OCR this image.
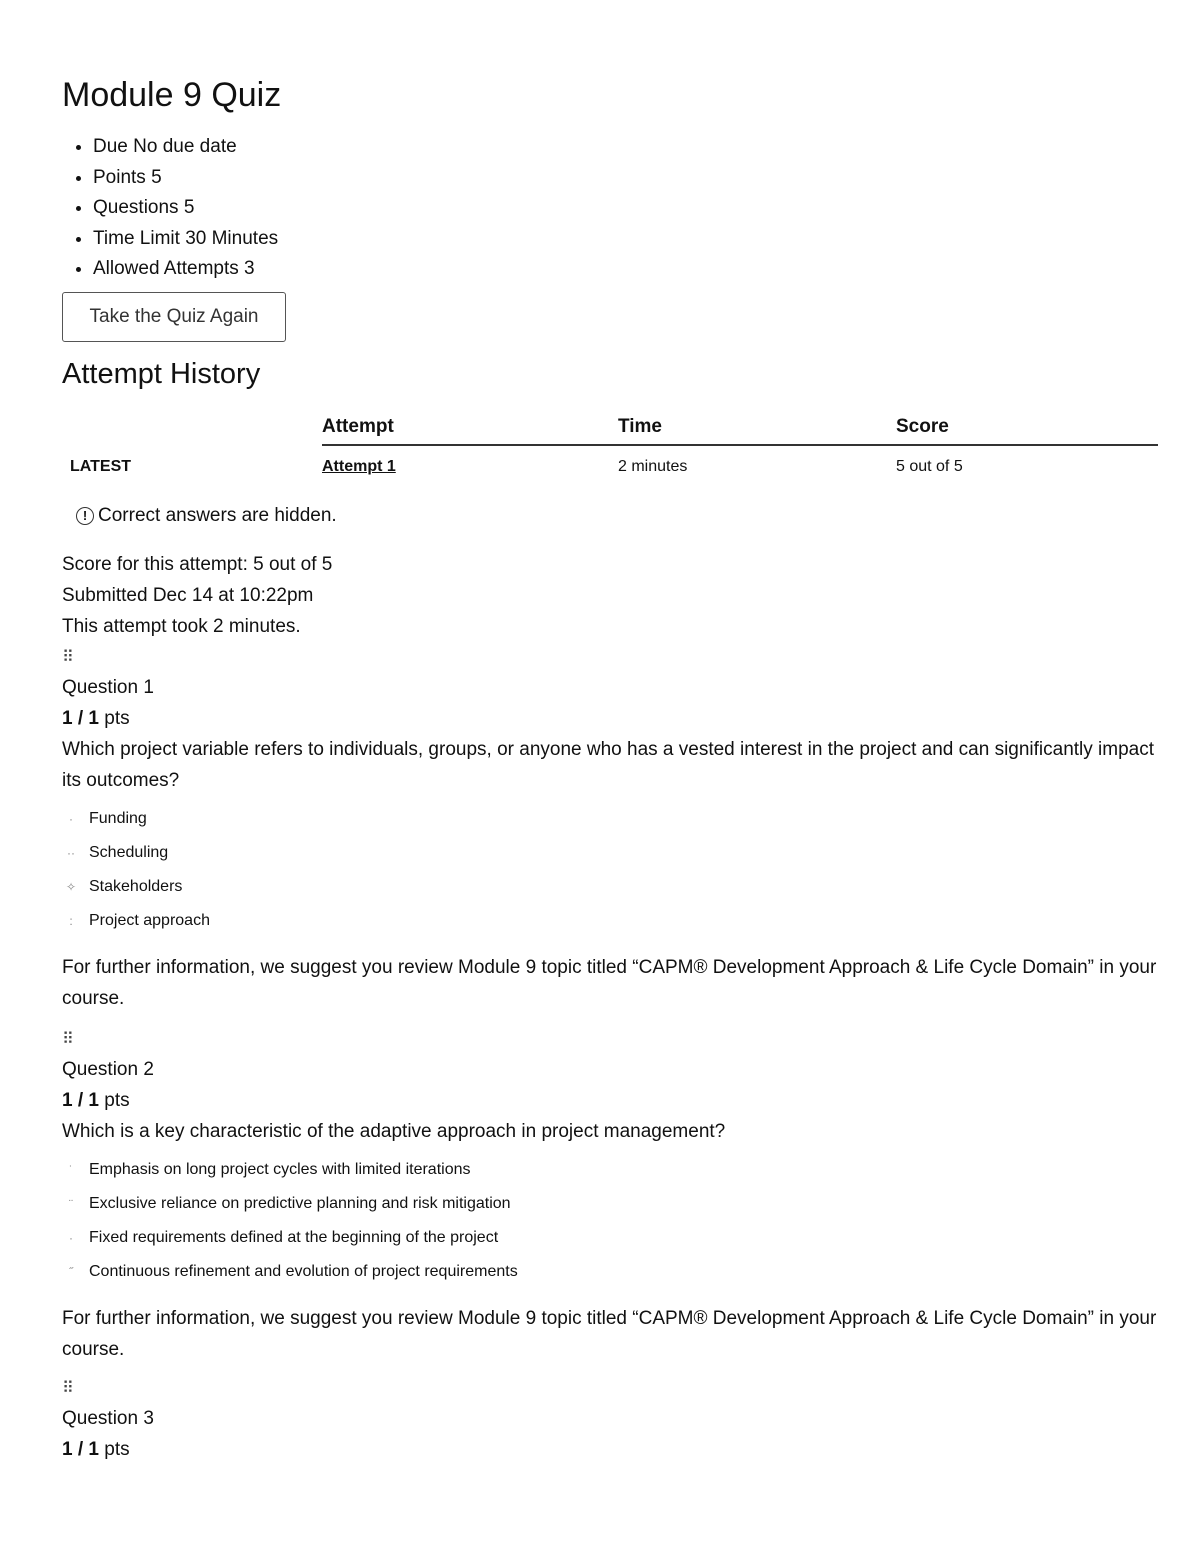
Module 9 Quiz
• Due No due date
• Points 5
• Questions 5
• Time Limit 30 Minutes
• Allowed Attempts 3
Take the Quiz Again
Attempt History
	Attempt	Time	Score
LATEST	Attempt 1	2 minutes	5 out of 5
! Correct answers are hidden.
Score for this attempt: 5 out of 5
Submitted Dec 14 at 10:22pm
This attempt took 2 minutes.
⠿
Question 1
1 / 1 pts

Which project variable refers to individuals, groups, or anyone who has a vested interest in the project and can significantly impact its outcomes?

·	Funding
·· Scheduling
✧ Stakeholders
:	Project approach
For further information, we suggest you review Module 9 topic titled “CAPM® Development Approach & Life Cycle Domain” in your course.
⠿
Question 2
1 / 1 pts

Which is a key characteristic of the adaptive approach in project management?

˙	Emphasis on long project cycles with limited iterations
¨	Exclusive reliance on predictive planning and risk mitigation
·	Fixed requirements defined at the beginning of the project
˝	Continuous refinement and evolution of project requirements
For further information, we suggest you review Module 9 topic titled “CAPM® Development Approach & Life Cycle Domain” in your course.
⠿
Question 3
1 / 1 pts
